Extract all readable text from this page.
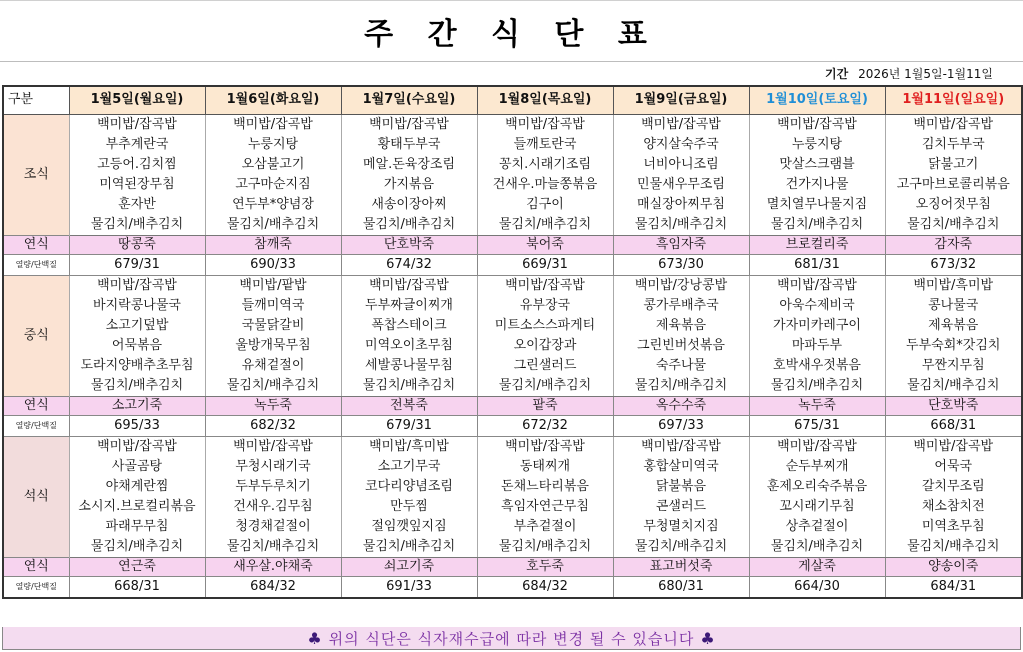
주 간 식 단 표
기간 2026년 1월5일-1월11일
구분	1월5일(월요일)	1월6일(화요일)	1월7일(수요일)	1월8일(목요일)	1월9일(금요일)	1월10일(토요일)	1월11일(일요일)
조식	백미밥/잡곡밥	백미밥/잡곡밥	백미밥/잡곡밥	백미밥/잡곡밥	백미밥/잡곡밥	백미밥/잡곡밥	백미밥/잡곡밥
	부추계란국	누룽지탕	황태두부국	들깨토란국	양지살숙주국	누룽지탕	김치두부국
	고등어.김치찜	오삼불고기	메알.돈육장조림	꽁치.시래기조림	너비아니조림	맛살스크램블	닭불고기
	미역된장무침	고구마순지짐	가지볶음	건새우.마늘쫑볶음	민물새우무조림	건가지나물	고구마브로콜리볶음
	훈자반	연두부*양념장	새송이장아찌	김구이	매실장아찌무침	멸치열무나물지짐	오징어젓무침
	물김치/배추김치	물김치/배추김치	물김치/배추김치	물김치/배추김치	물김치/배추김치	물김치/배추김치	물김치/배추김치
연식	땅콩죽	참깨죽	단호박죽	북어죽	흑임자죽	브로컬리죽	감자죽
열량/단백질	679/31	690/33	674/32	669/31	673/30	681/31	673/32
중식	백미밥/잡곡밥	백미밥/팥밥	백미밥/잡곡밥	백미밥/잡곡밥	백미밥/강낭콩밥	백미밥/잡곡밥	백미밥/흑미밥
	바지락콩나물국	들깨미역국	두부짜글이찌개	유부장국	콩가루배추국	아욱수제비국	콩나물국
	소고기덮밥	국물닭갈비	폭찹스테이크	미트소스스파게티	제육볶음	가자미카레구이	제육볶음
	어묵볶음	울방개묵무침	미역오이초무침	오이갑장과	그린빈버섯볶음	마파두부	두부숙회*갓김치
	도라지양배추초무침	유채겉절이	세발콩나물무침	그린샐러드	숙주나물	호박새우젓볶음	무짠지무침
	물김치/배추김치	물김치/배추김치	물김치/배추김치	물김치/배추김치	물김치/배추김치	물김치/배추김치	물김치/배추김치
연식	소고기죽	녹두죽	전복죽	팥죽	옥수수죽	녹두죽	단호박죽
열량/단백질	695/33	682/32	679/31	672/32	697/33	675/31	668/31
석식	백미밥/잡곡밥	백미밥/잡곡밥	백미밥/흑미밥	백미밥/잡곡밥	백미밥/잡곡밥	백미밥/잡곡밥	백미밥/잡곡밥
	사골곰탕	무청시래기국	소고기무국	동태찌개	홍합살미역국	순두부찌개	어묵국
	야채계란찜	두부두루치기	코다리양념조림	돈채느타리볶음	닭불볶음	훈제오리숙주볶음	갈치무조림
	소시지.브로컬리볶음	건새우.김무침	만두찜	흑임자연근무침	콘샐러드	꼬시래기무침	채소참치전
	파래무무침	청경채겉절이	절임깻잎지짐	부추겉절이	무청멸치지짐	상추겉절이	미역초무침
	물김치/배추김치	물김치/배추김치	물김치/배추김치	물김치/배추김치	물김치/배추김치	물김치/배추김치	물김치/배추김치
연식	연근죽	새우살.야채죽	쇠고기죽	호두죽	표고버섯죽	게살죽	양송이죽
열량/단백질	668/31	684/32	691/33	684/32	680/31	664/30	684/31
♣ 위의 식단은 식자재수급에 따라 변경 될 수 있습니다 ♣
